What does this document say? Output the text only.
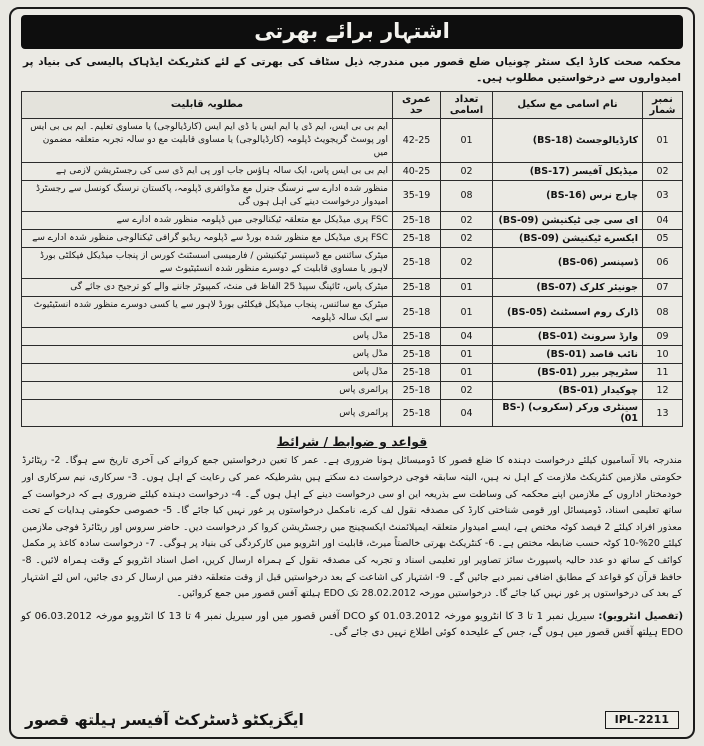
اشتہار برائے بھرتی
محکمہ صحت کارڈ ایک سنٹر چونیاں ضلع قصور میں مندرجہ ذیل سٹاف کی بھرتی کے لئے کنٹریکٹ ایڈہاک پالیسی کی بنیاد پر امیدواروں سے درخواستیں مطلوب ہیں۔
نمبر شمار	نام اسامی مع سکیل	تعداد اسامی	عمری حد	مطلوبہ قابلیت
01	کارڈیالوجسٹ (BS-18)	01	42-25	ایم بی بی ایس، ایم ڈی یا ایم ایس یا ڈی ایم ایس (کارڈیالوجی) یا مساوی تعلیم۔ ایم بی بی ایس اور پوسٹ گریجویٹ ڈپلومہ (کارڈیالوجی) یا مساوی قابلیت مع دو سالہ تجربہ متعلقہ مضمون میں
02	میڈیکل آفیسر (BS-17)	02	40-25	ایم بی بی ایس پاس، ایک سالہ ہاؤس جاب اور پی ایم ڈی سی کی رجسٹریشن لازمی ہے
03	چارج نرس (BS-16)	08	35-19	منظور شدہ ادارے سے نرسنگ جنرل مع مڈوائفری ڈپلومہ، پاکستان نرسنگ کونسل سے رجسٹرڈ امیدوار درخواست دینے کی اہل ہوں گی
04	ای سی جی ٹیکنیشن (BS-09)	02	25-18	FSC پری میڈیکل مع متعلقہ ٹیکنالوجی میں ڈپلومہ منظور شدہ ادارے سے
05	ایکسرے ٹیکنیشن (BS-09)	02	25-18	FSC پری میڈیکل مع منظور شدہ بورڈ سے ڈپلومہ ریڈیو گرافی ٹیکنالوجی منظور شدہ ادارے سے
06	ڈسپنسر (BS-06)	02	25-18	میٹرک سائنس مع ڈسپنسر ٹیکنیشن / فارمیسی اسسٹنٹ کورس از پنجاب میڈیکل فیکلٹی بورڈ لاہور یا مساوی قابلیت کے دوسرے منظور شدہ انسٹیٹیوٹ سے
07	جونیئر کلرک (BS-07)	01	25-18	میٹرک پاس، ٹائپنگ سپیڈ 25 الفاظ فی منٹ، کمپیوٹر جاننے والے کو ترجیح دی جائے گی
08	ڈارک روم اسسٹنٹ (BS-05)	01	25-18	میٹرک مع سائنس، پنجاب میڈیکل فیکلٹی بورڈ لاہور سے یا کسی دوسرے منظور شدہ انسٹیٹیوٹ سے ایک سالہ ڈپلومہ
09	وارڈ سرونٹ (BS-01)	04	25-18	مڈل پاس
10	نائب قاصد (BS-01)	01	25-18	مڈل پاس
11	سٹریچر بیرر (BS-01)	01	25-18	مڈل پاس
12	چوکیدار (BS-01)	02	25-18	پرائمری پاس
13	سینٹری ورکر (سکروب) (BS-01)	04	25-18	پرائمری پاس
قواعد و ضوابط / شرائط
مندرجہ بالا آسامیوں کیلئے درخواست دہندہ کا ضلع قصور کا ڈومیسائل ہونا ضروری ہے۔ عمر کا تعین درخواستیں جمع کروانے کی آخری تاریخ سے ہوگا۔ 2- ریٹائرڈ حکومتی ملازمین کنٹریکٹ ملازمت کے اہل نہ ہیں، البتہ سابقہ فوجی درخواست دے سکتے ہیں بشرطیکہ عمر کی رعایت کے اہل ہوں۔ 3- سرکاری، نیم سرکاری اور خودمختار اداروں کے ملازمین اپنے محکمہ کی وساطت سے بذریعہ این او سی درخواست دینے کے اہل ہوں گے۔ 4- درخواست دہندہ کیلئے ضروری ہے کہ درخواست کے ساتھ تعلیمی اسناد، ڈومیسائل اور قومی شناختی کارڈ کی مصدقہ نقول لف کرے، نامکمل درخواستوں پر غور نہیں کیا جائے گا۔ 5- خصوصی حکومتی ہدایات کے تحت معذور افراد کیلئے 2 فیصد کوٹہ مختص ہے، ایسے امیدوار متعلقہ ایمپلائمنٹ ایکسچینج میں رجسٹریشن کروا کر درخواست دیں۔ حاضر سروس اور ریٹائرڈ فوجی ملازمین کیلئے 20%-10 کوٹہ حسب ضابطہ مختص ہے۔ 6- کنٹریکٹ بھرتی خالصتاً میرٹ، قابلیت اور انٹرویو میں کارکردگی کی بنیاد پر ہوگی۔ 7- درخواست سادہ کاغذ پر مکمل کوائف کے ساتھ دو عدد حالیہ پاسپورٹ سائز تصاویر اور تعلیمی اسناد و تجربہ کی مصدقہ نقول کے ہمراہ ارسال کریں، اصل اسناد انٹرویو کے وقت ہمراہ لائیں۔ 8- حافظ قرآن کو قواعد کے مطابق اضافی نمبر دیے جائیں گے۔ 9- اشتہار کی اشاعت کے بعد درخواستیں قبل از وقت متعلقہ دفتر میں ارسال کر دی جائیں، اس لئے اشتہار کے بعد کی درخواستوں پر غور نہیں کیا جائے گا۔ درخواستیں مورخہ 28.02.2012 تک EDO ہیلتھ آفس قصور میں جمع کروائیں۔
(تفصیل انٹرویو): سیریل نمبر 1 تا 3 کا انٹرویو مورخہ 01.03.2012 کو DCO آفس قصور میں اور سیریل نمبر 4 تا 13 کا انٹرویو مورخہ 06.03.2012 کو EDO ہیلتھ آفس قصور میں ہوں گے، جس کے علیحدہ کوئی اطلاع نہیں دی جائے گی۔
IPL-2211
ایگزیکٹو ڈسٹرکٹ آفیسر ہیلتھ قصور
